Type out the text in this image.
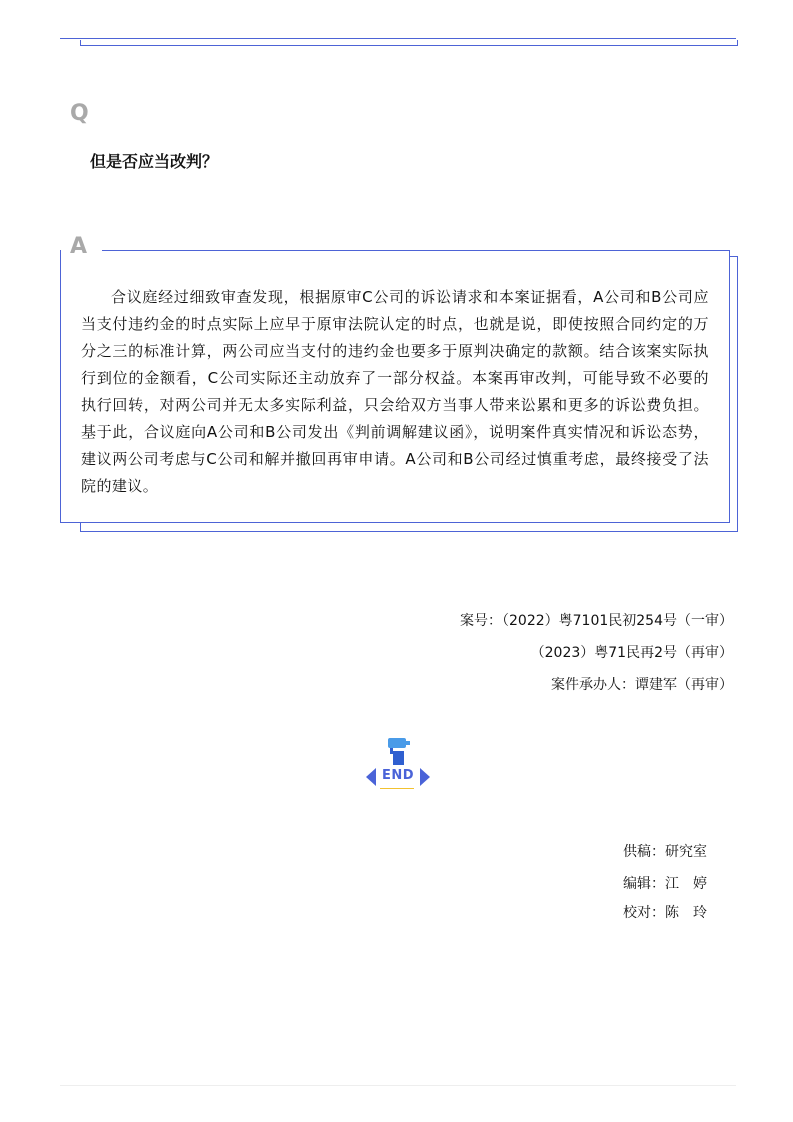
Q
但是否应当改判？
A

合议庭经过细致审查发现，根据原审C公司的诉讼请求和本案证据看，A公司和B公司应当支付违约金的时点实际上应早于原审法院认定的时点，也就是说，即使按照合同约定的万分之三的标准计算，两公司应当支付的违约金也要多于原判决确定的款额。结合该案实际执行到位的金额看，C公司实际还主动放弃了一部分权益。本案再审改判，可能导致不必要的执行回转，对两公司并无太多实际利益，只会给双方当事人带来讼累和更多的诉讼费负担。基于此，合议庭向A公司和B公司发出《判前调解建议函》，说明案件真实情况和诉讼态势，建议两公司考虑与C公司和解并撤回再审申请。A公司和B公司经过慎重考虑，最终接受了法院的建议。

案号：（2022）粤7101民初254号（一审）
（2023）粤71民再2号（再审）
案件承办人：谭建军（再审）
END
供稿：研究室
编辑：江　婷
校对：陈　玲
